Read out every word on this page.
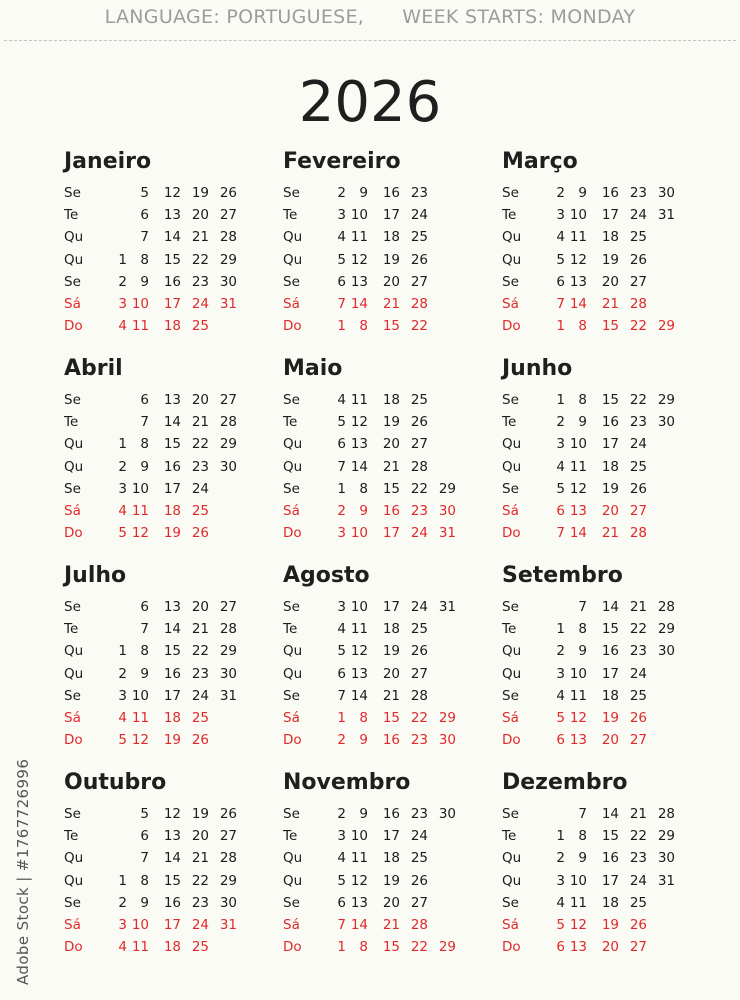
LANGUAGE: PORTUGUESE, WEEK STARTS: MONDAY
2026
Janeiro
Se	5	12 19 26
Te	6	13 20 27
Qu	7	14 21 28
Qu	1 8	15 22 29
Se	2 9	16 23 30
Sá	3 10	17 24 31
Do	4 11	18 25
Fevereiro
Se	2 9	16 23
Te	3 10	17 24
Qu	4 11	18 25
Qu	5 12	19 26
Se	6 13	20 27
Sá	7 14	21 28
Do	1 8	15 22
Março
Se	2 9	16 23 30
Te	3 10	17 24 31
Qu	4 11	18 25
Qu	5 12	19 26
Se	6 13	20 27
Sá	7 14	21 28
Do	1 8	15 22 29
Abril
Se	6	13 20 27
Te	7	14 21 28
Qu	1 8	15 22 29
Qu	2 9	16 23 30
Se	3 10	17 24
Sá	4 11	18 25
Do	5 12	19 26
Maio
Se	4 11	18 25
Te	5 12	19 26
Qu	6 13	20 27
Qu	7 14	21 28
Se	1 8	15 22 29
Sá	2 9	16 23 30
Do	3 10	17 24 31
Junho
Se	1 8	15 22 29
Te	2 9	16 23 30
Qu	3 10	17 24
Qu	4 11	18 25
Se	5 12	19 26
Sá	6 13	20 27
Do	7 14	21 28
Julho
Se	6	13 20 27
Te	7	14 21 28
Qu	1 8	15 22 29
Qu	2 9	16 23 30
Se	3 10	17 24 31
Sá	4 11	18 25
Do	5 12	19 26
Agosto
Se	3 10	17 24 31
Te	4 11	18 25
Qu	5 12	19 26
Qu	6 13	20 27
Se	7 14	21 28
Sá	1 8	15 22 29
Do	2 9	16 23 30
Setembro
Se	7	14 21 28
Te	1 8	15 22 29
Qu	2 9	16 23 30
Qu	3 10	17 24
Se	4 11	18 25
Sá	5 12	19 26
Do	6 13	20 27
Outubro
Se	5	12 19 26
Te	6	13 20 27
Qu	7	14 21 28
Qu	1 8	15 22 29
Se	2 9	16 23 30
Sá	3 10	17 24 31
Do	4 11	18 25
Novembro
Se	2 9	16 23 30
Te	3 10	17 24
Qu	4 11	18 25
Qu	5 12	19 26
Se	6 13	20 27
Sá	7 14	21 28
Do	1 8	15 22 29
Dezembro
Se	7	14 21 28
Te	1 8	15 22 29
Qu	2 9	16 23 30
Qu	3 10	17 24 31
Se	4 11	18 25
Sá	5 12	19 26
Do	6 13	20 27
Adobe Stock | #1767726996
